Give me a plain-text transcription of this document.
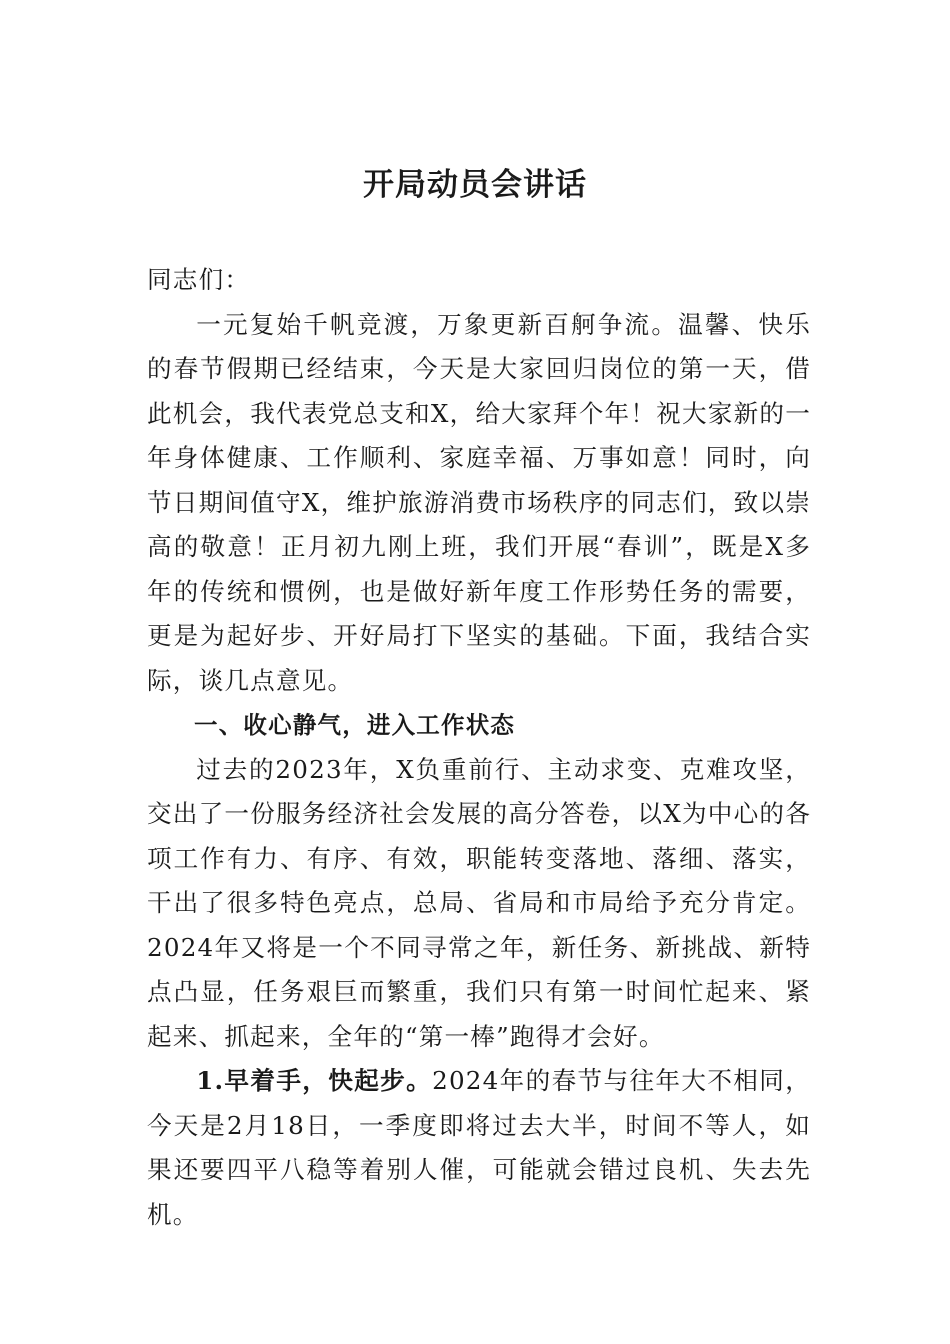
开局动员会讲话

同志们：

一元复始千帆竞渡，万象更新百舸争流。温馨、快乐的春节假期已经结束，今天是大家回归岗位的第一天，借此机会，我代表党总支和X，给大家拜个年！祝大家新的一年身体健康、工作顺利、家庭幸福、万事如意！同时，向节日期间值守X，维护旅游消费市场秩序的同志们，致以崇高的敬意！正月初九刚上班，我们开展“春训”，既是X多年的传统和惯例，也是做好新年度工作形势任务的需要，更是为起好步、开好局打下坚实的基础。下面，我结合实际，谈几点意见。

一、收心静气，进入工作状态

过去的2023年，X负重前行、主动求变、克难攻坚，交出了一份服务经济社会发展的高分答卷，以X为中心的各项工作有力、有序、有效，职能转变落地、落细、落实，干出了很多特色亮点，总局、省局和市局给予充分肯定。2024年又将是一个不同寻常之年，新任务、新挑战、新特点凸显，任务艰巨而繁重，我们只有第一时间忙起来、紧起来、抓起来，全年的“第一棒”跑得才会好。

1.早着手，快起步。2024年的春节与往年大不相同，今天是2月18日，一季度即将过去大半，时间不等人，如果还要四平八稳等着别人催，可能就会错过良机、失去先机。
